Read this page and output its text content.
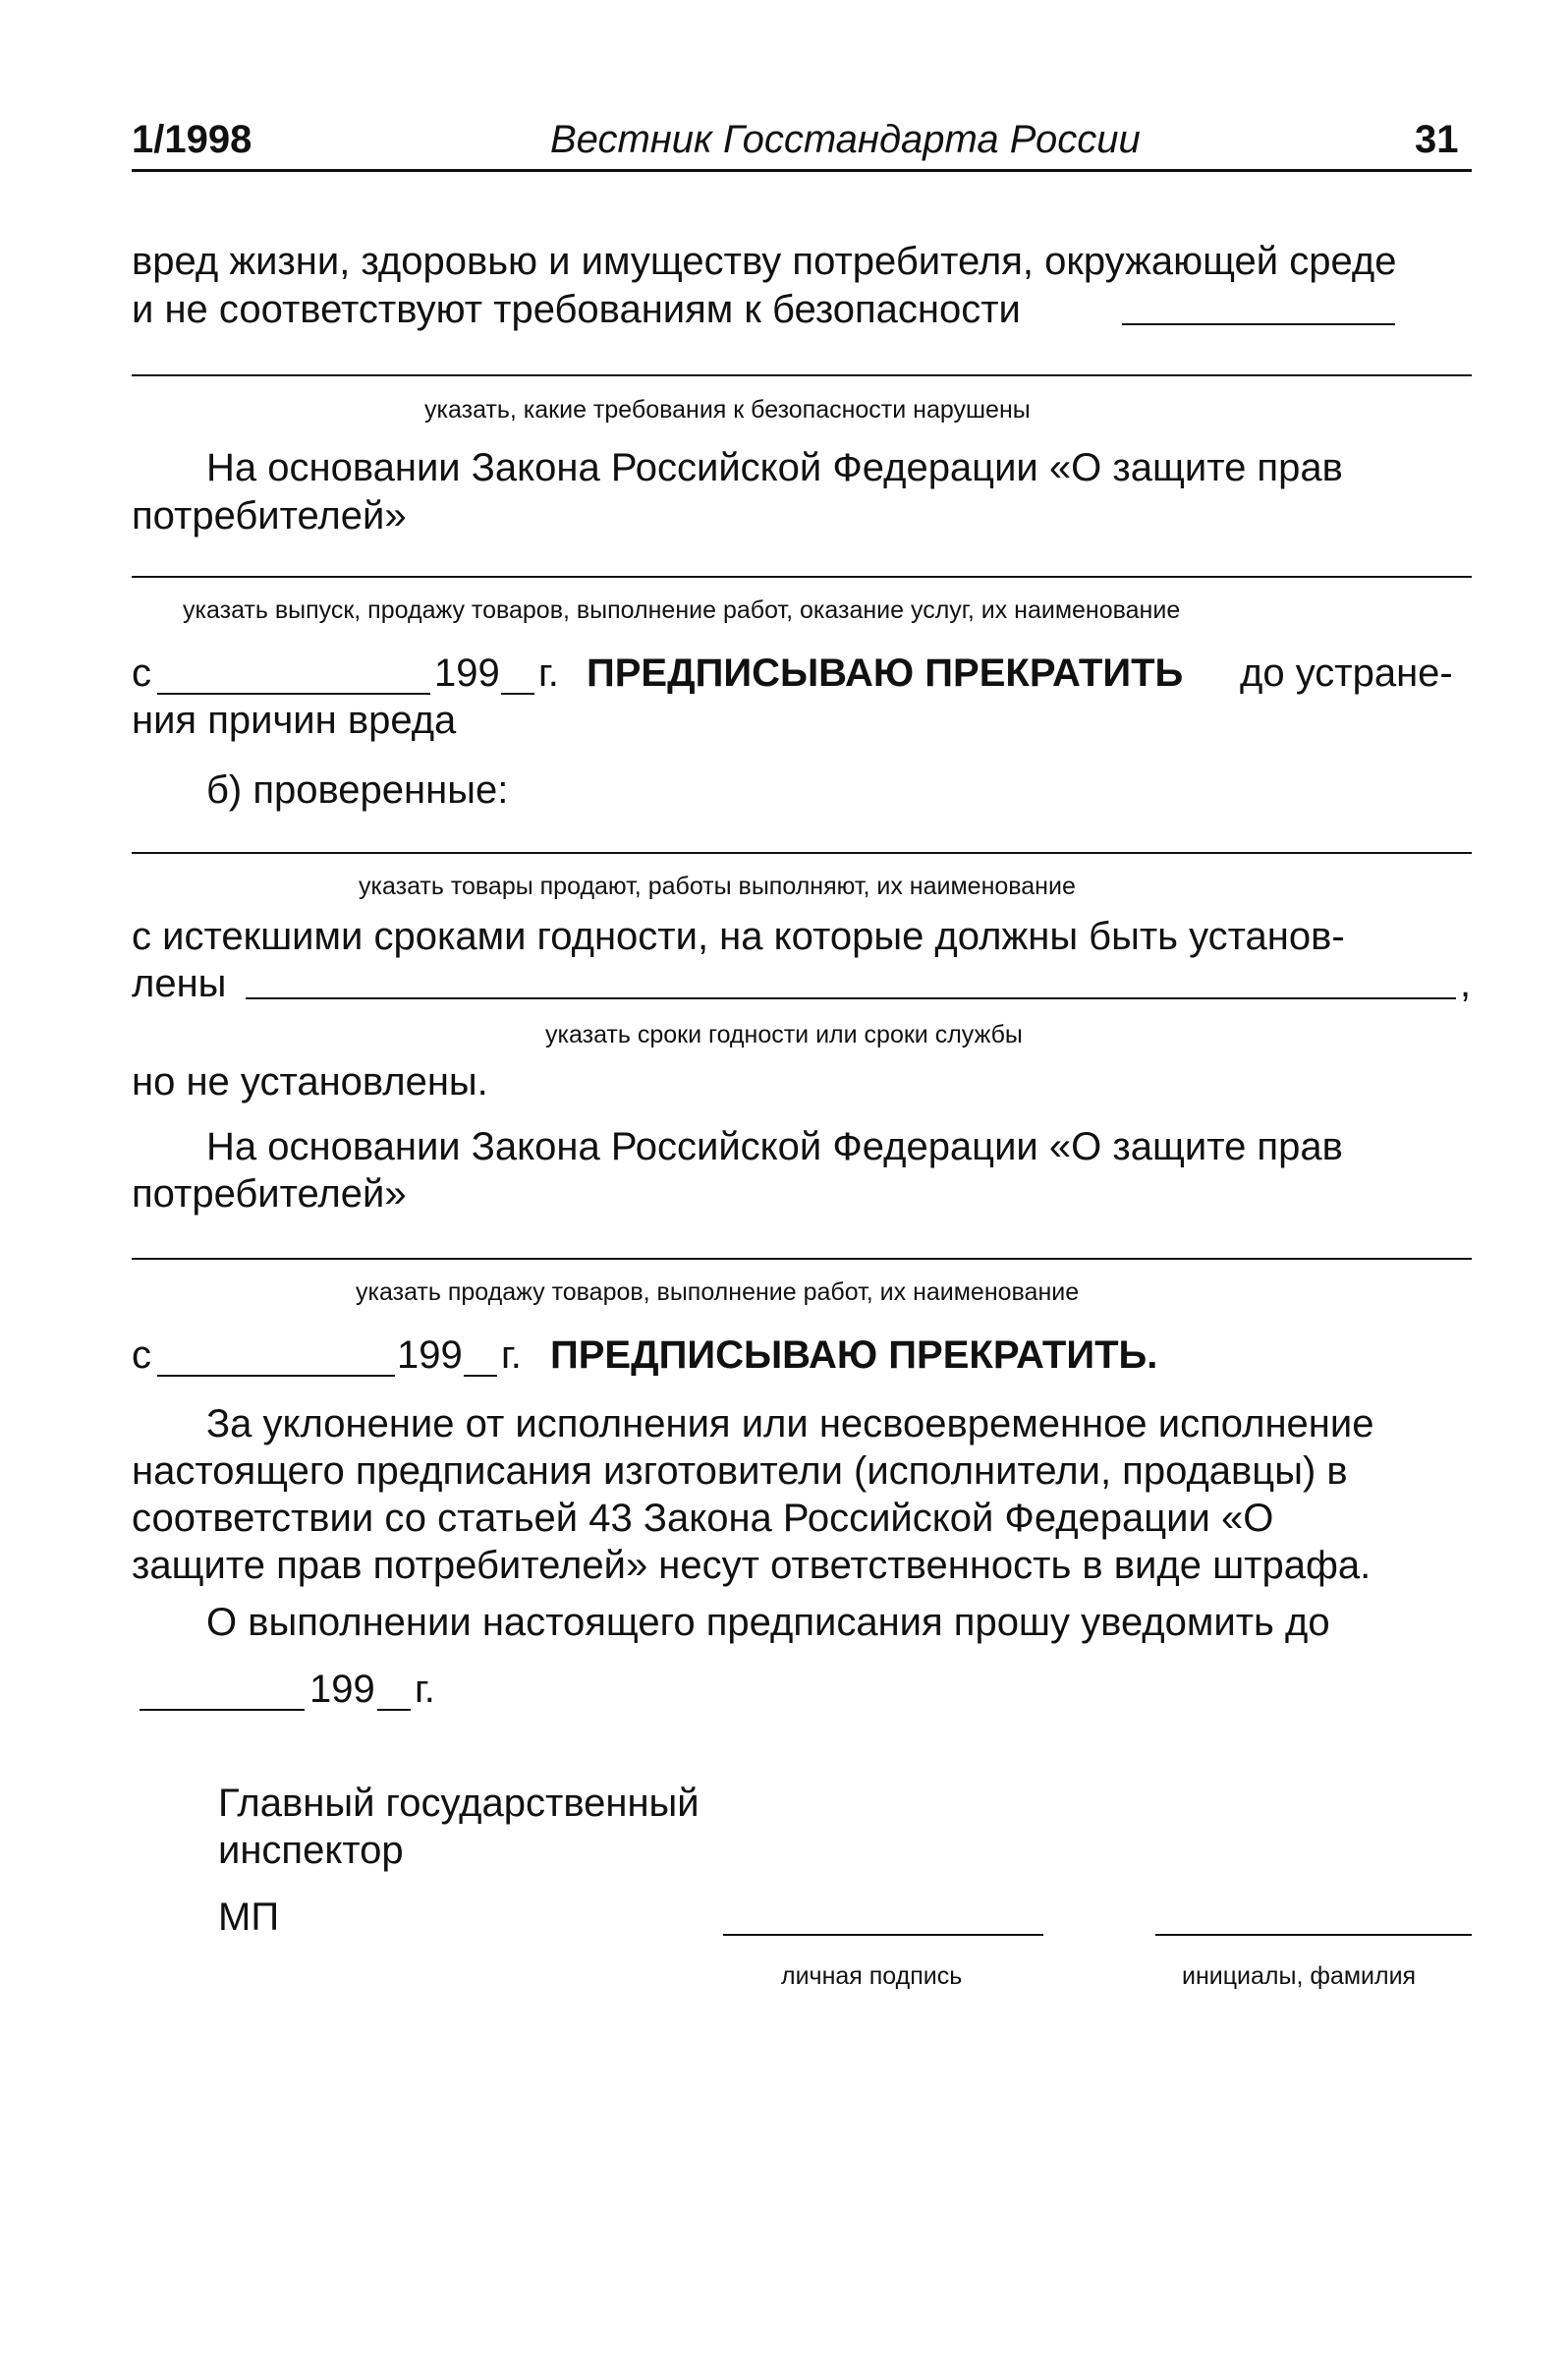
1/1998	Вестник Госстандарта России	31
вред жизни, здоровью и имуществу потребителя, окружающей среде
и не соответствуют требованиям к безопасности
указать, какие требования к безопасности нарушены
На основании Закона Российской Федерации «О защите прав
потребителей»
указать выпуск, продажу товаров, выполнение работ, оказание услуг, их наименование
с	199 г. ПРЕДПИСЫВАЮ ПРЕКРАТИТЬ до устране-
ния причин вреда
б) проверенные:
указать товары продают, работы выполняют, их наименование
с истекшими сроками годности, на которые должны быть установ-
лены	,
указать сроки годности или сроки службы
но не установлены.
На основании Закона Российской Федерации «О защите прав
потребителей»
указать продажу товаров, выполнение работ, их наименование
с	199 г. ПРЕДПИСЫВАЮ ПРЕКРАТИТЬ.
За уклонение от исполнения или несвоевременное исполнение
настоящего предписания изготовители (исполнители, продавцы) в
соответствии со статьей 43 Закона Российской Федерации «О
защите прав потребителей» несут ответственность в виде штрафа.
О выполнении настоящего предписания прошу уведомить до
199 г.
Главный государственный
инспектор
МП
личная подпись	инициалы, фамилия
